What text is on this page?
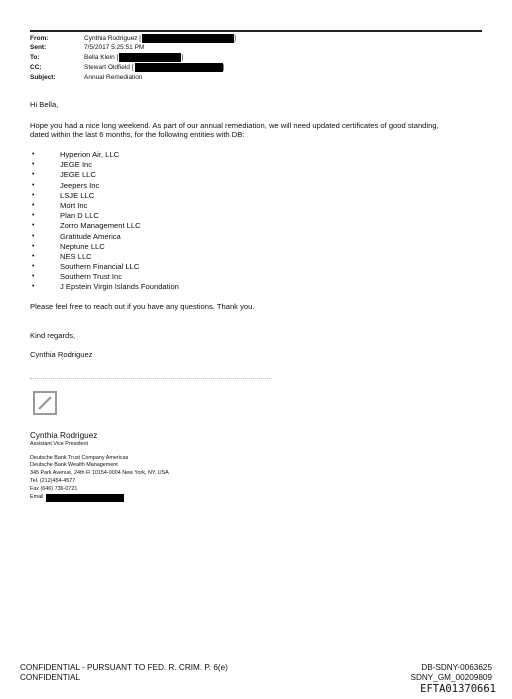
From:	Cynthia Rodriguez [	]
Sent:	7/5/2017 5:25:51 PM
To:	Bella Klein [	]
CC:	Stewart Oldfield [	]
Subject:	Annual Remediation
Hi Bella,
Hope you had a nice long weekend. As part of our annual remediation, we will need updated certificates of good standing,
dated within the last 6 months, for the following entities with DB:
•	Hyperion Air, LLC
•	JEGE Inc
•	JEGE LLC
•	Jeepers Inc
•	LSJE LLC
•	Mort Inc
•	Plan D LLC
•	Zorro Management LLC
•	Gratitude America
•	Neptune LLC
•	NES LLC
•	Southern Financial LLC
•	Southern Trust Inc
•	J Epstein Virgin Islands Foundation
Please feel free to reach out if you have any questions. Thank you.
Kind regards,
Cynthia Rodriguez
Cynthia Rodriguez
Assistant Vice President
Deutsche Bank Trust Company Americas
Deutsche Bank Wealth Management
345 Park Avenue, 24th Fl 10154-0004 New York, NY, USA
Tel. (212)454-4577
Fax (646) 736-0721
Email
CONFIDENTIAL - PURSUANT TO FED. R. CRIM. P. 6(e)
CONFIDENTIAL
DB-SDNY-0063625
SDNY_GM_00209809
EFTA01370661
